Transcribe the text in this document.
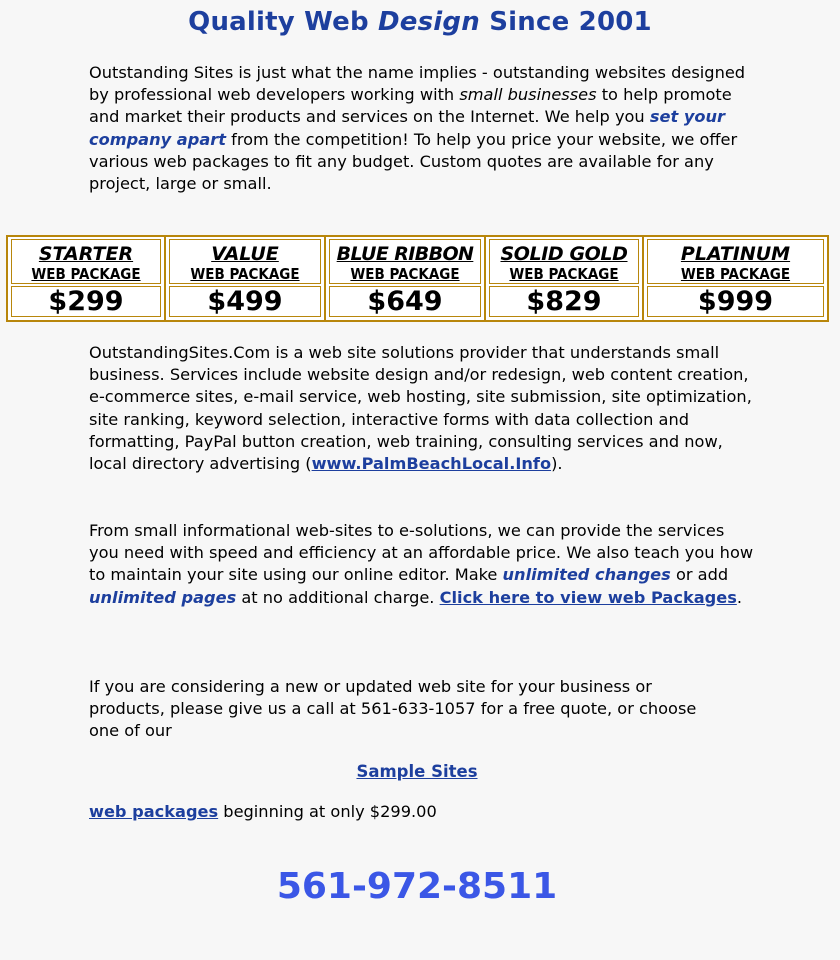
Quality Web Design Since 2001

Outstanding Sites is just what the name implies - outstanding websites designed by professional web developers working with small businesses to help promote and market their products and services on the Internet. We help you set your company apart from the competition! To help you price your website, we offer various web packages to fit any budget. Custom quotes are available for any project, large or small.

STARTER
WEB PACKAGE
$299
VALUE
WEB PACKAGE
$499
BLUE RIBBON
WEB PACKAGE
$649
SOLID GOLD
WEB PACKAGE
$829
PLATINUM
WEB PACKAGE
$999

OutstandingSites.Com is a web site solutions provider that understands small business. Services include website design and/or redesign, web content creation, e-commerce sites, e-mail service, web hosting, site submission, site optimization, site ranking, keyword selection, interactive forms with data collection and formatting, PayPal button creation, web training, consulting services and now, local directory advertising (www.PalmBeachLocal.Info).

From small informational web-sites to e-solutions, we can provide the services you need with speed and efficiency at an affordable price. We also teach you how to maintain your site using our online editor. Make unlimited changes or add unlimited pages at no additional charge. Click here to view web Packages.

If you are considering a new or updated web site for your business or products, please give us a call at 561-633-1057 for a free quote, or choose one of our

Sample Sites
web packages beginning at only $299.00
561-972-8511
